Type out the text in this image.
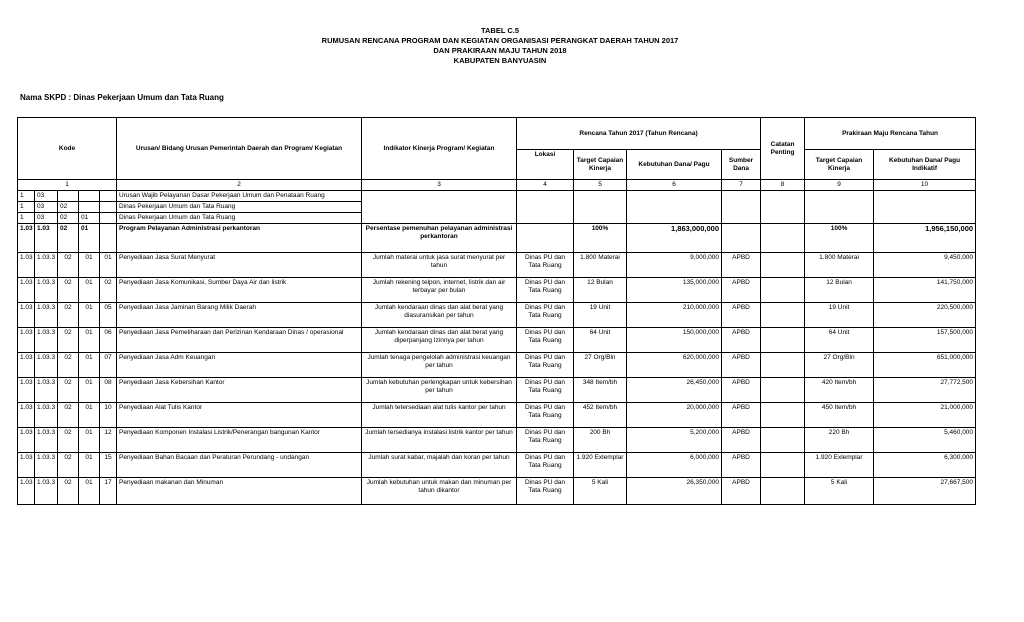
TABEL C.5
RUMUSAN RENCANA PROGRAM DAN KEGIATAN ORGANISASI PERANGKAT DAERAH TAHUN 2017
DAN PRAKIRAAN MAJU TAHUN 2018
KABUPATEN BANYUASIN
Nama SKPD : Dinas Pekerjaan Umum dan Tata Ruang
Kode					Urusan/ Bidang Urusan Pemerintah Daerah dan Program/ Kegiatan	Indikator Kinerja Program/ Kegiatan	Rencana Tahun 2017 (Tahun Rencana)				Catatan Penting	Prakiraan Maju Rencana Tahun	
							Lokasi	Target Capaian Kinerja	Kebutuhan Dana/ Pagu	Sumber Dana		Target Capaian Kinerja	Kebutuhan Dana/ Pagu Indikatif
1					2	3	4	5	6	7	8	9	10
1	03				Urusan Wajib Pelayanan Dasar Pekerjaan Umum dan Penataan Ruang								
1	03	02			Dinas Pekerjaan Umum dan Tata Ruang								
1	03	02	01		Dinas Pekerjaan Umum dan Tata Ruang								
1.03	1.03	02	01		Program Pelayanan Administrasi perkantoran	Persentase pemenuhan pelayanan administrasi perkantoran		100%	1,863,000,000			100%	1,956,150,000
1.03	1.03.3	02	01	01	Penyediaan Jasa Surat Menyurat	Jumlah materai untuk jasa surat menyurat per tahun	Dinas PU dan Tata Ruang	1.800 Materai	9,000,000	APBD		1.800 Materai	9,450,000
1.03	1.03.3	02	01	02	Penyediaan Jasa Komunikasi, Sumber Daya Air dan listrik	Jumlah rekening telpon, internet, listrik dan air terbayar per bulan	Dinas PU dan Tata Ruang	12 Bulan	135,000,000	APBD		12 Bulan	141,750,000
1.03	1.03.3	02	01	05	Penyediaan Jasa Jaminan Barang Milik Daerah	Jumlah kendaraan dinas dan alat berat yang diasuransikan per tahun	Dinas PU dan Tata Ruang	19 Unit	210,000,000	APBD		19 Unit	220,500,000
1.03	1.03.3	02	01	06	Penyediaan Jasa Pemeliharaan dan Perizinan Kendaraan Dinas / operasional	Jumlah kendaraan dinas dan alat berat yang diperpanjang Izinnya per tahun	Dinas PU dan Tata Ruang	64 Unit	150,000,000	APBD		64 Unit	157,500,000
1.03	1.03.3	02	01	07	Penyediaan Jasa Adm Keuangan	Jumlah tenaga pengelolah administrasi keuangan per tahun	Dinas PU dan Tata Ruang	27 Org/Bln	620,000,000	APBD		27 Org/Bln	651,000,000
1.03	1.03.3	02	01	08	Penyediaan Jasa Kebersihan Kantor	Jumlah kebutuhan perlengkapan untuk kebersihan per tahun	Dinas PU dan Tata Ruang	348 Item/bh	26,450,000	APBD		420 Item/bh	27,772,500
1.03	1.03.3	02	01	10	Penyediaan Alat Tulis Kantor	Jumlah tetersediaan alat tulis kantor per tahun	Dinas PU dan Tata Ruang	452 Item/bh	20,000,000	APBD		450 Item/bh	21,000,000
1.03	1.03.3	02	01	12	Penyediaan Komponen Instalasi Listrik/Penerangan bangunan Kantor	Jumlah tersedianya instalasi listrik kantor per tahun	Dinas PU dan Tata Ruang	200 Bh	5,200,000	APBD		220 Bh	5,460,000
1.03	1.03.3	02	01	15	Penyediaan Bahan Bacaan dan Peraturan Perundang - undangan	Jumlah surat kabar, majalah dan koran per tahun	Dinas PU dan Tata Ruang	1.920 Exlemplar	6,000,000	APBD		1.920 Exlemplar	6,300,000
1.03	1.03.3	02	01	17	Penyediaan makanan dan Minuman	Jumlah kebutuhan untuk makan dan minuman per tahun dikantor	Dinas PU dan Tata Ruang	5 Kali	26,350,000	APBD		5 Kali	27,667,500
